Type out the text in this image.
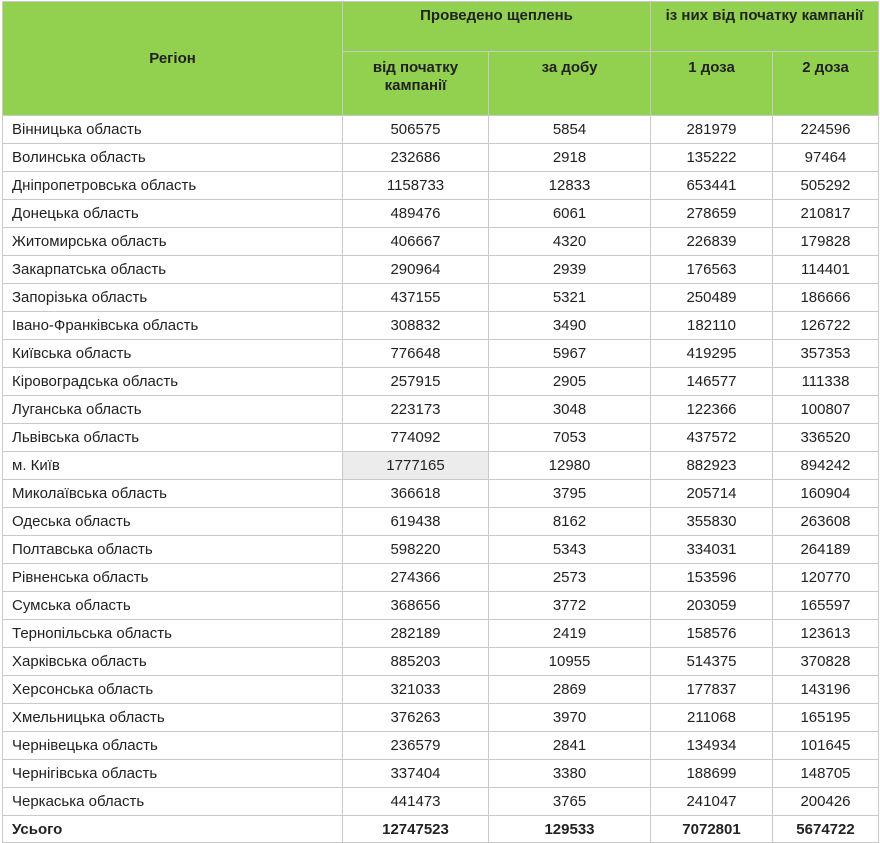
Регіон	Проведено щеплень		із них від початку кампанії	
	від початку кампанії	за добу	1 доза	2 доза
Вінницька область	506575	5854	281979	224596
Волинська область	232686	2918	135222	97464
Дніпропетровська область	1158733	12833	653441	505292
Донецька область	489476	6061	278659	210817
Житомирська область	406667	4320	226839	179828
Закарпатська область	290964	2939	176563	114401
Запорізька область	437155	5321	250489	186666
Івано-Франківська область	308832	3490	182110	126722
Київська область	776648	5967	419295	357353
Кіровоградська область	257915	2905	146577	111338
Луганська область	223173	3048	122366	100807
Львівська область	774092	7053	437572	336520
м. Київ	1777165	12980	882923	894242
Миколаївська область	366618	3795	205714	160904
Одеська область	619438	8162	355830	263608
Полтавська область	598220	5343	334031	264189
Рівненська область	274366	2573	153596	120770
Сумська область	368656	3772	203059	165597
Тернопільська область	282189	2419	158576	123613
Харківська область	885203	10955	514375	370828
Херсонська область	321033	2869	177837	143196
Хмельницька область	376263	3970	211068	165195
Чернівецька область	236579	2841	134934	101645
Чернігівська область	337404	3380	188699	148705
Черкаська область	441473	3765	241047	200426
Усього	12747523	129533	7072801	5674722
